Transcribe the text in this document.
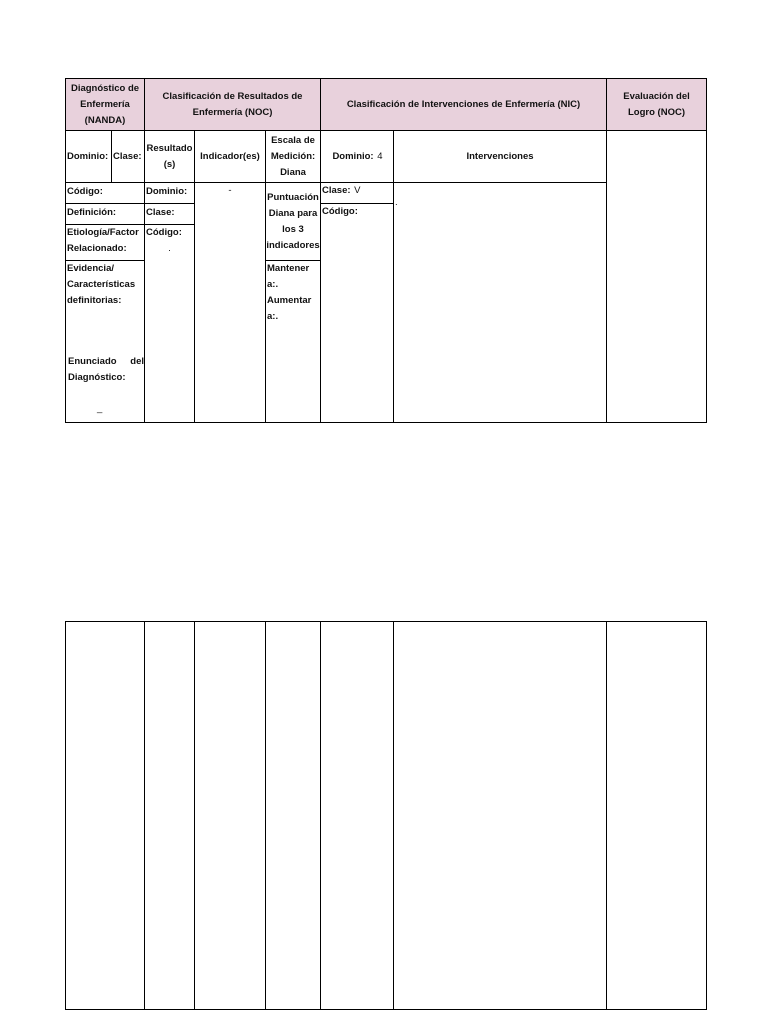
Diagnóstico de Enfermería (NANDA)
Clasificación de Resultados de Enfermería (NOC)
Clasificación de Intervenciones de Enfermería (NIC)
Evaluación del Logro (NOC)
Dominio: Clase:
Resultado (s)
Indicador(es)
Escala de Medición: Diana
Dominio:
4	Intervenciones
Código:
Definición:
Etiología/Factor Relacionado:
Evidencia/ Características definitorias:
Enunciado del
Diagnóstico:
_
Dominio:
Clase:
Código:
.
-
Puntuación Diana para los 3 indicadores
Mantener a:.
Aumentar a:.
Clase: V
Código:
.
